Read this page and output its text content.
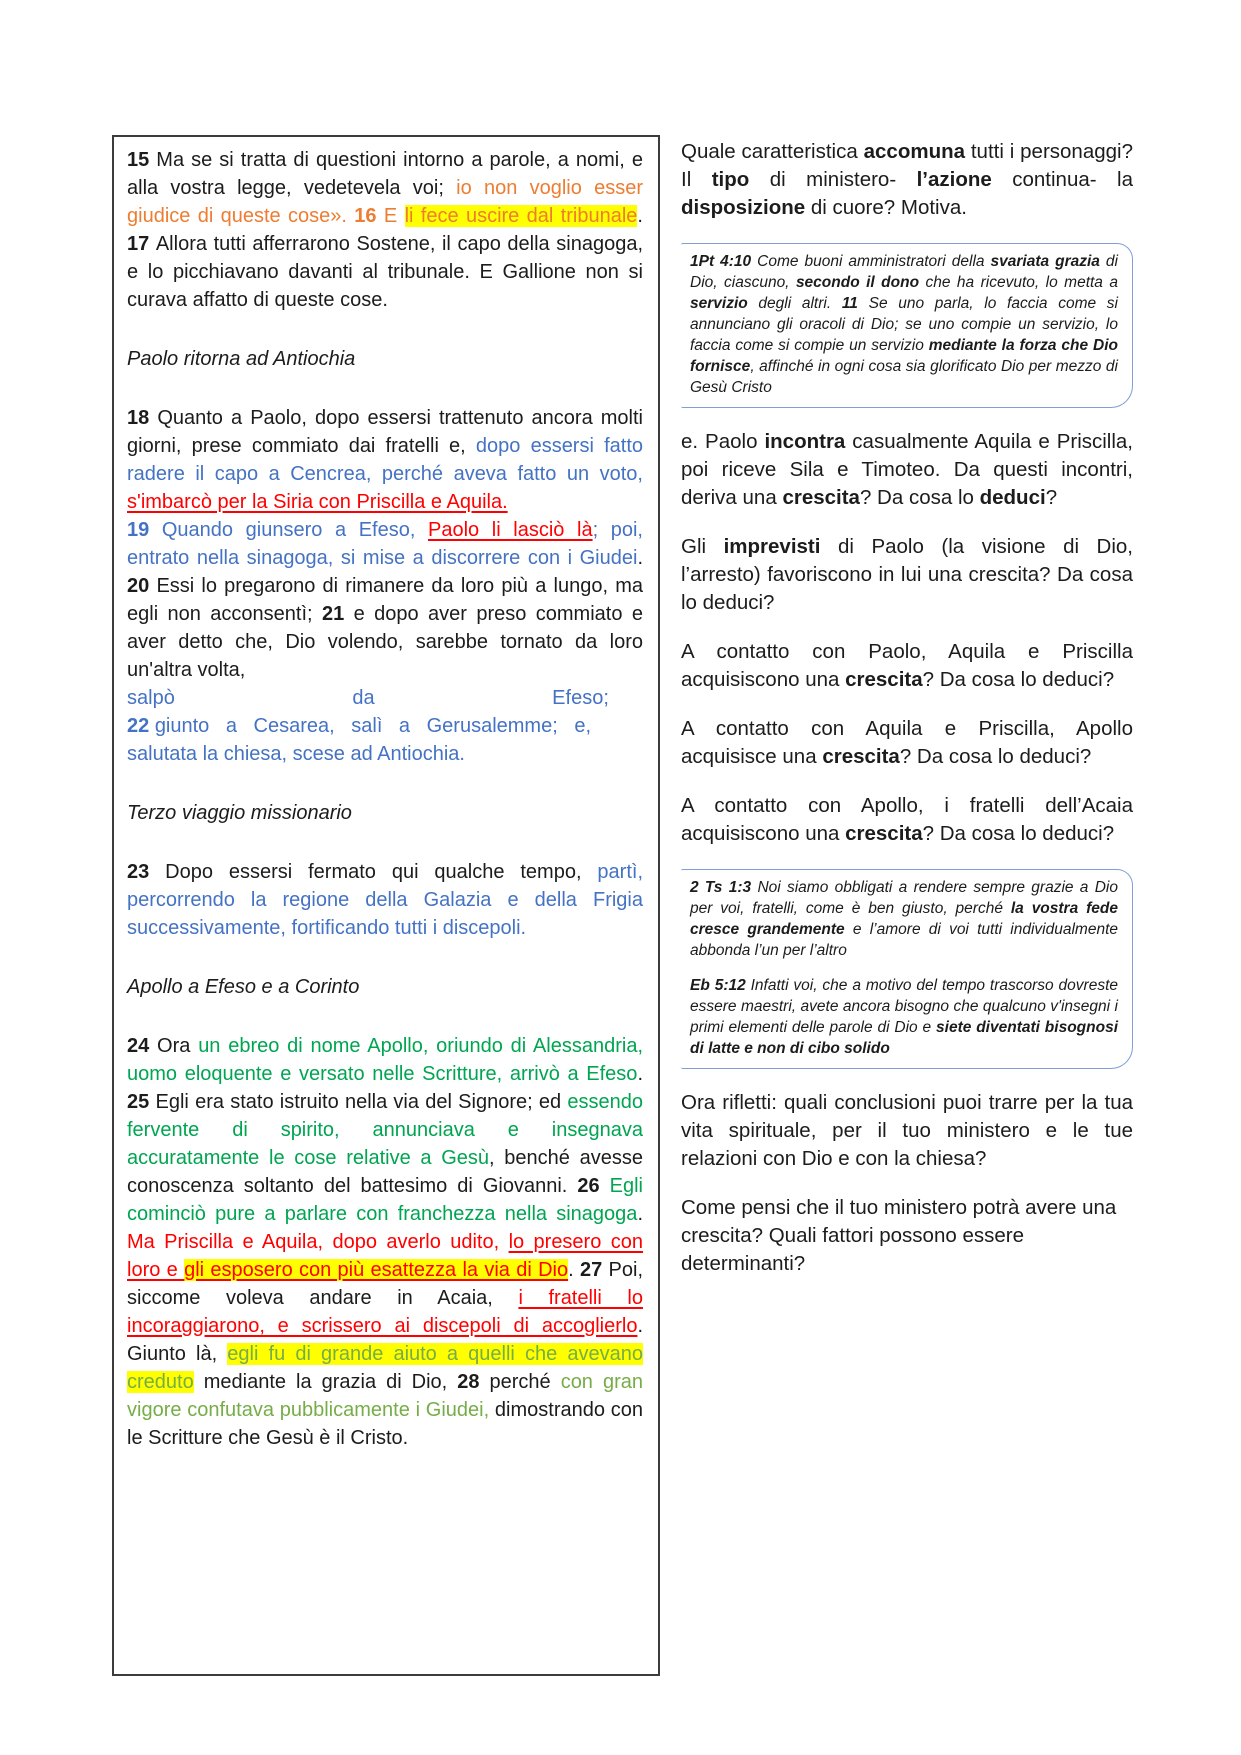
15 Ma se si tratta di questioni intorno a parole, a nomi, e alla vostra legge, vedetevela voi; io non voglio esser giudice di queste cose». 16 E li fece uscire dal tribunale. 17 Allora tutti afferrarono Sostene, il capo della sinagoga, e lo picchiavano davanti al tribunale. E Gallione non si curava affatto di queste cose.

Paolo ritorna ad Antiochia

18 Quanto a Paolo, dopo essersi trattenuto ancora molti giorni, prese commiato dai fratelli e, dopo essersi fatto radere il capo a Cencrea, perché aveva fatto un voto, s'imbarcò per la Siria con Priscilla e Aquila.
19 Quando giunsero a Efeso, Paolo li lasciò là; poi, entrato nella sinagoga, si mise a discorrere con i Giudei. 20 Essi lo pregarono di rimanere da loro più a lungo, ma egli non acconsentì; 21 e dopo aver preso commiato e aver detto che, Dio volendo, sarebbe tornato da loro un'altra volta,
salpò da Efeso;
22 giunto a Cesarea, salì a Gerusalemme; e,
salutata la chiesa, scese ad Antiochia.

Terzo viaggio missionario

23 Dopo essersi fermato qui qualche tempo, partì, percorrendo la regione della Galazia e della Frigia successivamente, fortificando tutti i discepoli.

Apollo a Efeso e a Corinto

24 Ora un ebreo di nome Apollo, oriundo di Alessandria, uomo eloquente e versato nelle Scritture, arrivò a Efeso. 25 Egli era stato istruito nella via del Signore; ed essendo fervente di spirito, annunciava e insegnava accuratamente le cose relative a Gesù, benché avesse conoscenza soltanto del battesimo di Giovanni. 26 Egli cominciò pure a parlare con franchezza nella sinagoga. Ma Priscilla e Aquila, dopo averlo udito, lo presero con loro e gli esposero con più esattezza la via di Dio. 27 Poi, siccome voleva andare in Acaia, i fratelli lo incoraggiarono, e scrissero ai discepoli di accoglierlo. Giunto là, egli fu di grande aiuto a quelli che avevano creduto mediante la grazia di Dio, 28 perché con gran vigore confutava pubblicamente i Giudei, dimostrando con le Scritture che Gesù è il Cristo.

Quale caratteristica accomuna tutti i personaggi? Il tipo di ministero- l’azione continua- la disposizione di cuore? Motiva.

1Pt 4:10 Come buoni amministratori della svariata grazia di Dio, ciascuno, secondo il dono che ha ricevuto, lo metta a servizio degli altri. 11 Se uno parla, lo faccia come si annunciano gli oracoli di Dio; se uno compie un servizio, lo faccia come si compie un servizio mediante la forza che Dio fornisce, affinché in ogni cosa sia glorificato Dio per mezzo di Gesù Cristo

e. Paolo incontra casualmente Aquila e Priscilla, poi riceve Sila e Timoteo. Da questi incontri, deriva una crescita? Da cosa lo deduci?

Gli imprevisti di Paolo (la visione di Dio, l’arresto) favoriscono in lui una crescita? Da cosa lo deduci?

A contatto con Paolo, Aquila e Priscilla acquisiscono una crescita? Da cosa lo deduci?

A contatto con Aquila e Priscilla, Apollo acquisisce una crescita? Da cosa lo deduci?

A contatto con Apollo, i fratelli dell’Acaia acquisiscono una crescita? Da cosa lo deduci?

2 Ts 1:3 Noi siamo obbligati a rendere sempre grazie a Dio per voi, fratelli, come è ben giusto, perché la vostra fede cresce grandemente e l’amore di voi tutti individualmente abbonda l’un per l’altro

Eb 5:12 Infatti voi, che a motivo del tempo trascorso dovreste essere maestri, avete ancora bisogno che qualcuno v'insegni i primi elementi delle parole di Dio e siete diventati bisognosi di latte e non di cibo solido

Ora rifletti: quali conclusioni puoi trarre per la tua vita spirituale, per il tuo ministero e le tue relazioni con Dio e con la chiesa?

Come pensi che il tuo ministero potrà avere una crescita? Quali fattori possono essere determinanti?
